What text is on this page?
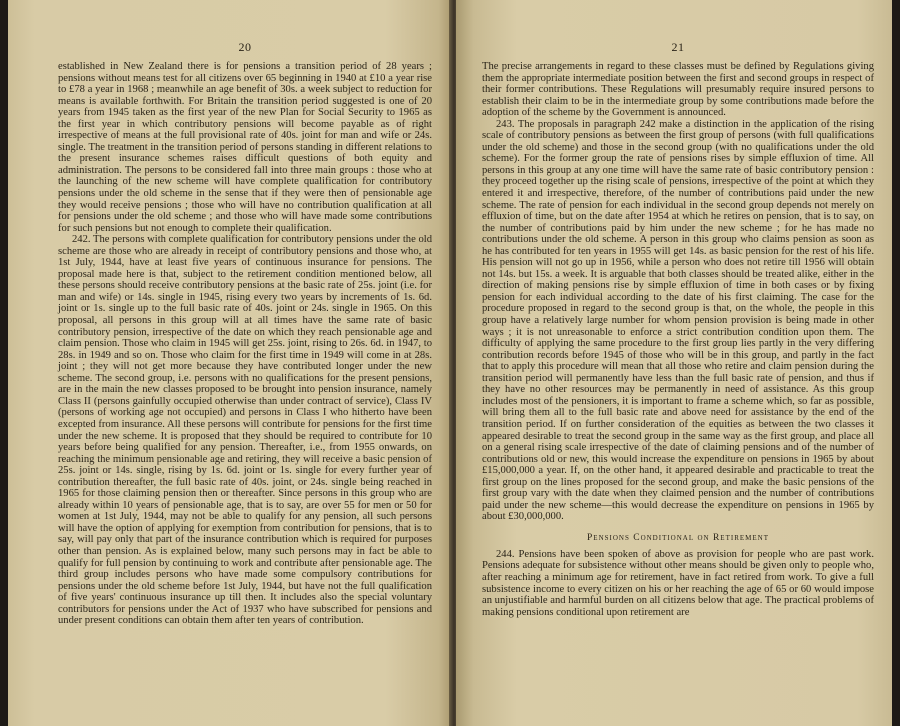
20

established in New Zealand there is for pensions a transition period of 28 years ; pensions without means test for all citizens over 65 beginning in 1940 at £10 a year rise to £78 a year in 1968 ; meanwhile an age benefit of 30s. a week subject to reduction for means is available forthwith. For Britain the transition period suggested is one of 20 years from 1945 taken as the first year of the new Plan for Social Security to 1965 as the first year in which contributory pensions will become payable as of right irrespective of means at the full provisional rate of 40s. joint for man and wife or 24s. single. The treatment in the transition period of persons standing in different relations to the present insurance schemes raises difficult questions of both equity and administration. The persons to be considered fall into three main groups : those who at the launching of the new scheme will have complete qualification for contributory pensions under the old scheme in the sense that if they were then of pensionable age they would receive pensions ; those who will have no contribution qualification at all for pensions under the old scheme ; and those who will have made some contributions for such pensions but not enough to complete their qualification.

242. The persons with complete qualification for contributory pensions under the old scheme are those who are already in receipt of contributory pensions and those who, at 1st July, 1944, have at least five years of continuous insurance for pensions. The proposal made here is that, subject to the retirement condition mentioned below, all these persons should receive contributory pensions at the basic rate of 25s. joint (i.e. for man and wife) or 14s. single in 1945, rising every two years by increments of 1s. 6d. joint or 1s. single up to the full basic rate of 40s. joint or 24s. single in 1965. On this proposal, all persons in this group will at all times have the same rate of basic contributory pension, irrespective of the date on which they reach pensionable age and claim pension. Those who claim in 1945 will get 25s. joint, rising to 26s. 6d. in 1947, to 28s. in 1949 and so on. Those who claim for the first time in 1949 will come in at 28s. joint ; they will not get more because they have contributed longer under the new scheme. The second group, i.e. persons with no qualifications for the present pensions, are in the main the new classes proposed to be brought into pension insurance, namely Class II (persons gainfully occupied otherwise than under contract of service), Class IV (persons of working age not occupied) and persons in Class I who hitherto have been excepted from insurance. All these persons will contribute for pensions for the first time under the new scheme. It is proposed that they should be required to contribute for 10 years before being qualified for any pension. Thereafter, i.e., from 1955 onwards, on reaching the minimum pensionable age and retiring, they will receive a basic pension of 25s. joint or 14s. single, rising by 1s. 6d. joint or 1s. single for every further year of contribution thereafter, the full basic rate of 40s. joint, or 24s. single being reached in 1965 for those claiming pension then or thereafter. Since persons in this group who are already within 10 years of pensionable age, that is to say, are over 55 for men or 50 for women at 1st July, 1944, may not be able to qualify for any pension, all such persons will have the option of applying for exemption from contribution for pensions, that is to say, will pay only that part of the insurance contribution which is required for purposes other than pension. As is explained below, many such persons may in fact be able to qualify for full pension by continuing to work and contribute after pensionable age. The third group includes persons who have made some compulsory contributions for pensions under the old scheme before 1st July, 1944, but have not the full qualification of five years' continuous insurance up till then. It includes also the special voluntary contributors for pensions under the Act of 1937 who have subscribed for pensions and under present conditions can obtain them after ten years of contribution.

21

The precise arrangements in regard to these classes must be defined by Regulations giving them the appropriate intermediate position between the first and second groups in respect of their former contributions. These Regulations will presumably require insured persons to establish their claim to be in the intermediate group by some contributions made before the adoption of the scheme by the Government is announced.

243. The proposals in paragraph 242 make a distinction in the application of the rising scale of contributory pensions as between the first group of persons (with full qualifications under the old scheme) and those in the second group (with no qualifications under the old scheme). For the former group the rate of pensions rises by simple effluxion of time. All persons in this group at any one time will have the same rate of basic contributory pension : they proceed together up the rising scale of pensions, irrespective of the point at which they entered it and irrespective, therefore, of the number of contributions paid under the new scheme. The rate of pension for each individual in the second group depends not merely on effluxion of time, but on the date after 1954 at which he retires on pension, that is to say, on the number of contributions paid by him under the new scheme ; for he has made no contributions under the old scheme. A person in this group who claims pension as soon as he has contributed for ten years in 1955 will get 14s. as basic pension for the rest of his life. His pension will not go up in 1956, while a person who does not retire till 1956 will obtain not 14s. but 15s. a week. It is arguable that both classes should be treated alike, either in the direction of making pensions rise by simple effluxion of time in both cases or by fixing pension for each individual according to the date of his first claiming. The case for the procedure proposed in regard to the second group is that, on the whole, the people in this group have a relatively large number for whom pension provision is being made in other ways ; it is not unreasonable to enforce a strict contribution condition upon them. The difficulty of applying the same procedure to the first group lies partly in the very differing contribution records before 1945 of those who will be in this group, and partly in the fact that to apply this procedure will mean that all those who retire and claim pension during the transition period will permanently have less than the full basic rate of pension, and thus if they have no other resources may be permanently in need of assistance. As this group includes most of the pensioners, it is important to frame a scheme which, so far as possible, will bring them all to the full basic rate and above need for assistance by the end of the transition period. If on further consideration of the equities as between the two classes it appeared desirable to treat the second group in the same way as the first group, and place all on a general rising scale irrespective of the date of claiming pensions and of the number of contributions old or new, this would increase the expenditure on pensions in 1965 by about £15,000,000 a year. If, on the other hand, it appeared desirable and practicable to treat the first group on the lines proposed for the second group, and make the basic pensions of the first group vary with the date when they claimed pension and the number of contributions paid under the new scheme—this would decrease the expenditure on pensions in 1965 by about £30,000,000.

Pensions Conditional on Retirement

244. Pensions have been spoken of above as provision for people who are past work. Pensions adequate for subsistence without other means should be given only to people who, after reaching a minimum age for retirement, have in fact retired from work. To give a full subsistence income to every citizen on his or her reaching the age of 65 or 60 would impose an unjustifiable and harmful burden on all citizens below that age. The practical problems of making pensions conditional upon retirement are
